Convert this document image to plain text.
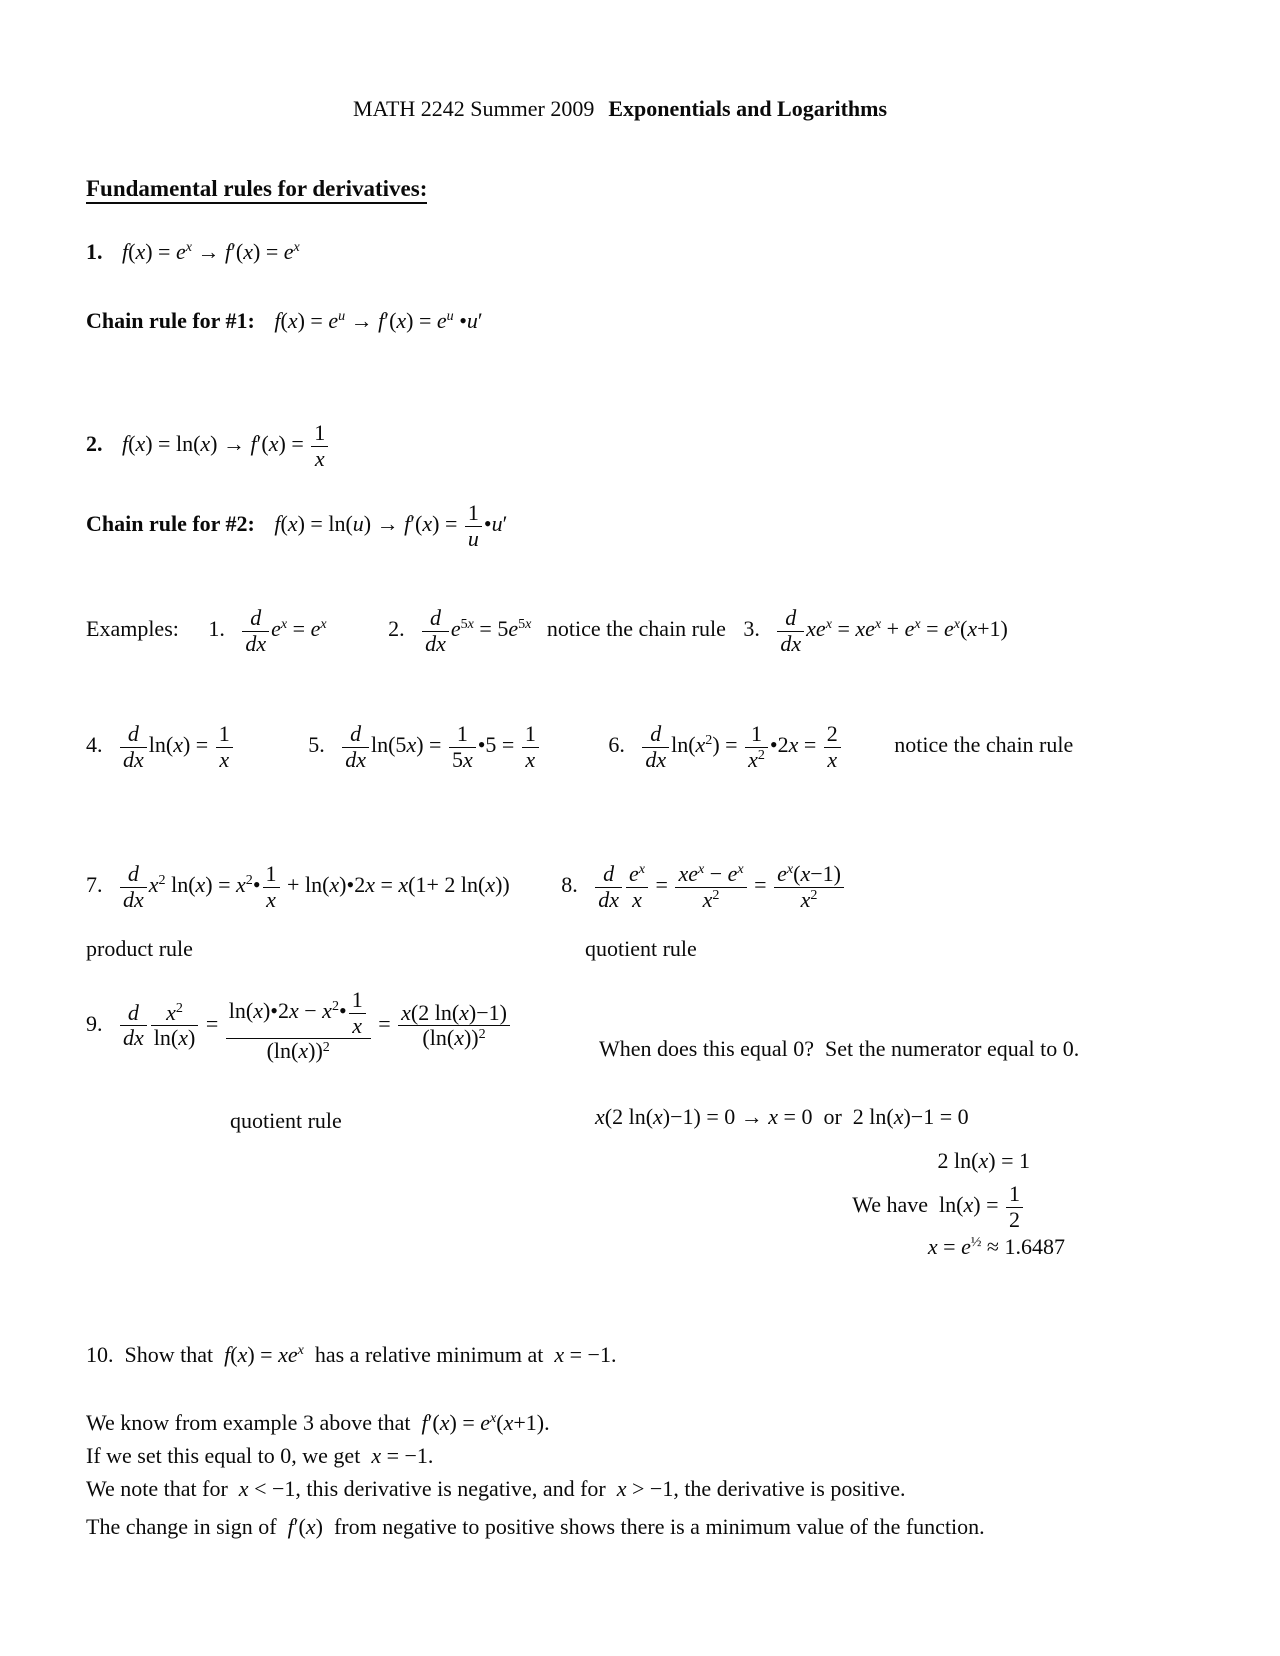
MATH 2242 Summer 2009 Exponentials and Logarithms
Fundamental rules for derivatives:
1. $f(x) = e^x \to f'(x) = e^x$
Chain rule for #1: $f(x) = e^u \to f'(x) = e^u$ •u′
2. $f(x) = \ln(x) \to f'(x) = \frac{1}{x}$
Chain rule for #2: $f(x) = \ln(u) \to f'(x) = \frac{1}{u}$ •u′
Examples: 1. $\frac{d}{dx} e^x = e^x$	2. $\frac{d}{dx} e^{5x} = 5e^{5x}$ notice the chain rule 3. $\frac{d}{dx} xe^x = xe^x + e^x = e^x(x+1)$
4. $\frac{d}{dx} \ln(x) = \frac{1}{x}$	5. $\frac{d}{dx} \ln(5x) = \frac{1}{5x}$ •5 = $\frac{1}{x}$	6. $\frac{d}{dx} \ln(x^2) = \frac{1}{x^2}$ •2x = $\frac{2}{x}$ notice the chain rule
7. $\frac{d}{dx} x^2$ $\ln(x) = x^2• \frac{1}{x}$ + ln(x)•2x = x(1+ 2 ln(x)) 8. $\frac{d}{dx} \frac{e^x}{x} = \frac{xe^x - e^x}{x^2} = \frac{e^x(x-1)}{x^2}$
product rule	quotient rule
9. $\frac{d}{dx} \frac{x^2}{\ln(x)} = \frac{\ln(x)•2x - x^2• \frac{1}{x}}{(\ln(x))^2} = \frac{x(2 \ln(x)-1)}{(\ln(x))^2}$	When does this equal 0?  Set the numerator equal to 0.
quotient rule	x(2 ln(x)−1) = 0 → x = 0  or  2 ln(x)−1 = 0
2 ln(x) = 1
We have  $\ln(x) = \frac{1}{2}$
$x = e^{\frac{1}{2}} \approx 1.6487$
10.  Show that  $f(x) = xe^x$  has a relative minimum at  x = −1.
We know from example 3 above that  $f'(x) = e^x(x+1)$.
If we set this equal to 0, we get  x = −1.
We note that for  x < −1, this derivative is negative, and for  x > −1, the derivative is positive.
The change in sign of  f′(x)  from negative to positive shows there is a minimum value of the function.
